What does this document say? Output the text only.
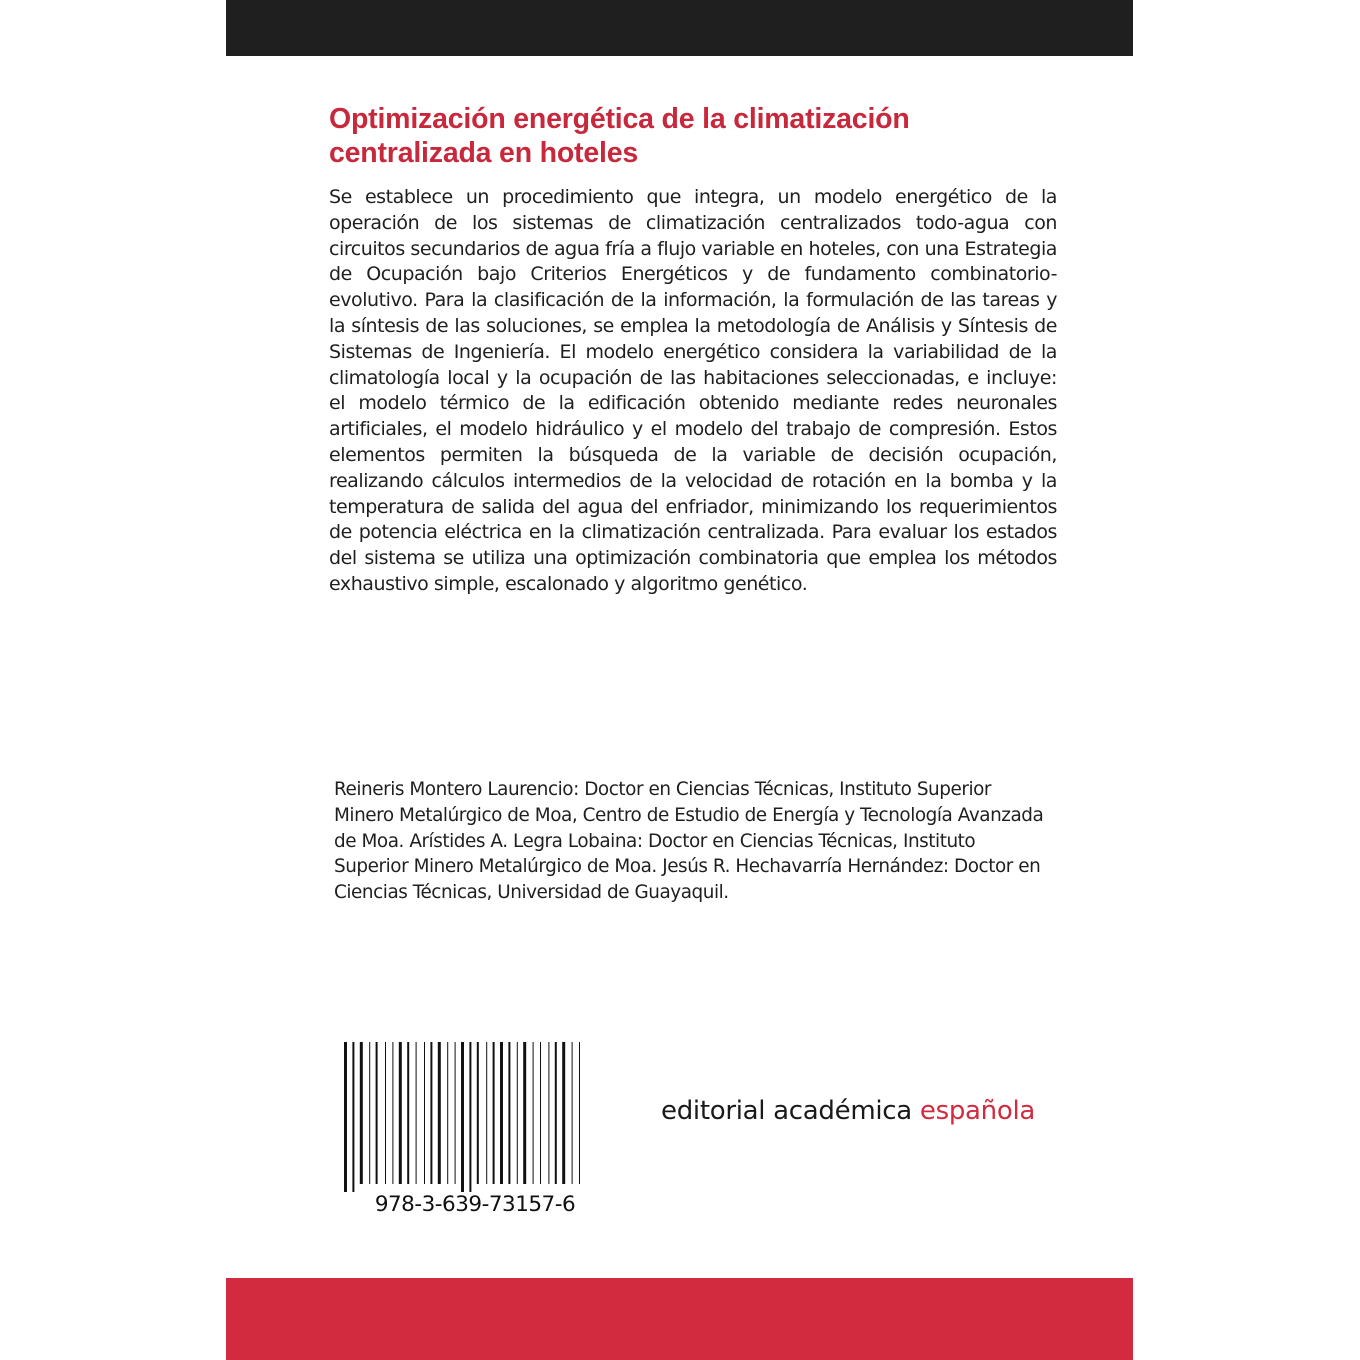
Optimización energética de la climatización centralizada en hoteles

Se establece un procedimiento que integra, un modelo energético de la operación de los sistemas de climatización centralizados todo-agua con circuitos secundarios de agua fría a flujo variable en hoteles, con una Estrategia de Ocupación bajo Criterios Energéticos y de fundamento combinatorio-evolutivo. Para la clasificación de la información, la formulación de las tareas y la síntesis de las soluciones, se emplea la metodología de Análisis y Síntesis de Sistemas de Ingeniería. El modelo energético considera la variabilidad de la climatología local y la ocupación de las habitaciones seleccionadas, e incluye: el modelo térmico de la edificación obtenido mediante redes neuronales artificiales, el modelo hidráulico y el modelo del trabajo de compresión. Estos elementos permiten la búsqueda de la variable de decisión ocupación, realizando cálculos intermedios de la velocidad de rotación en la bomba y la temperatura de salida del agua del enfriador, minimizando los requerimientos de potencia eléctrica en la climatización centralizada. Para evaluar los estados del sistema se utiliza una optimización combinatoria que emplea los métodos exhaustivo simple, escalonado y algoritmo genético.

Reineris Montero Laurencio: Doctor en Ciencias Técnicas, Instituto Superior Minero Metalúrgico de Moa, Centro de Estudio de Energía y Tecnología Avanzada de Moa. Arístides A. Legra Lobaina: Doctor en Ciencias Técnicas, Instituto Superior Minero Metalúrgico de Moa. Jesús R. Hechavarría Hernández: Doctor en Ciencias Técnicas, Universidad de Guayaquil.

978-3-639-73157-6

editorial académica española
